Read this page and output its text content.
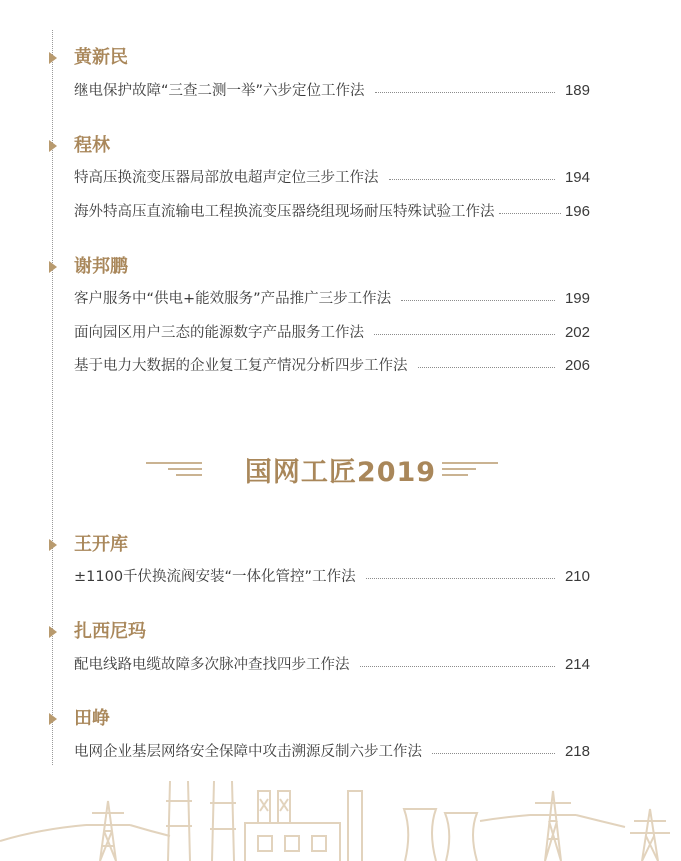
黄新民
继电保护故障“三查二测一举”六步定位工作法	189
程林
特高压换流变压器局部放电超声定位三步工作法	194
海外特高压直流输电工程换流变压器绕组现场耐压特殊试验工作法	196
谢邦鹏
客户服务中“供电+能效服务”产品推广三步工作法	199
面向园区用户三态的能源数字产品服务工作法	202
基于电力大数据的企业复工复产情况分析四步工作法	206
国网工匠2019
王开库
±1100千伏换流阀安装“一体化管控”工作法	210
扎西尼玛
配电线路电缆故障多次脉冲查找四步工作法	214
田峥
电网企业基层网络安全保障中攻击溯源反制六步工作法	218
